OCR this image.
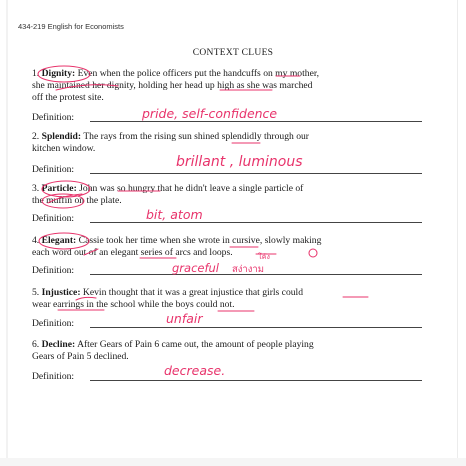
434-219 English for Economists
CONTEXT CLUES
1. Dignity: Even when the police officers put the handcuffs on my mother,
she maintained her dignity, holding her head up high as she was marched
off the protest site.
Definition:	pride, self-confidence
2. Splendid: The rays from the rising sun shined splendidly through our
kitchen window.
Definition:	brillant , luminous
3. Particle: John was so hungry that he didn't leave a single particle of
the muffin on the plate.
Definition:	bit, atom
4. Elegant: Cassie took her time when she wrote in cursive, slowly making
each word out of an elegant series of arcs and loops.
Definition:	graceful สง่างาม
โค้ง
5. Injustice: Kevin thought that it was a great injustice that girls could
wear earrings in the school while the boys could not.
Definition:	unfair
6. Decline: After Gears of Pain 6 came out, the amount of people playing
Gears of Pain 5 declined.
Definition:	decrease.
